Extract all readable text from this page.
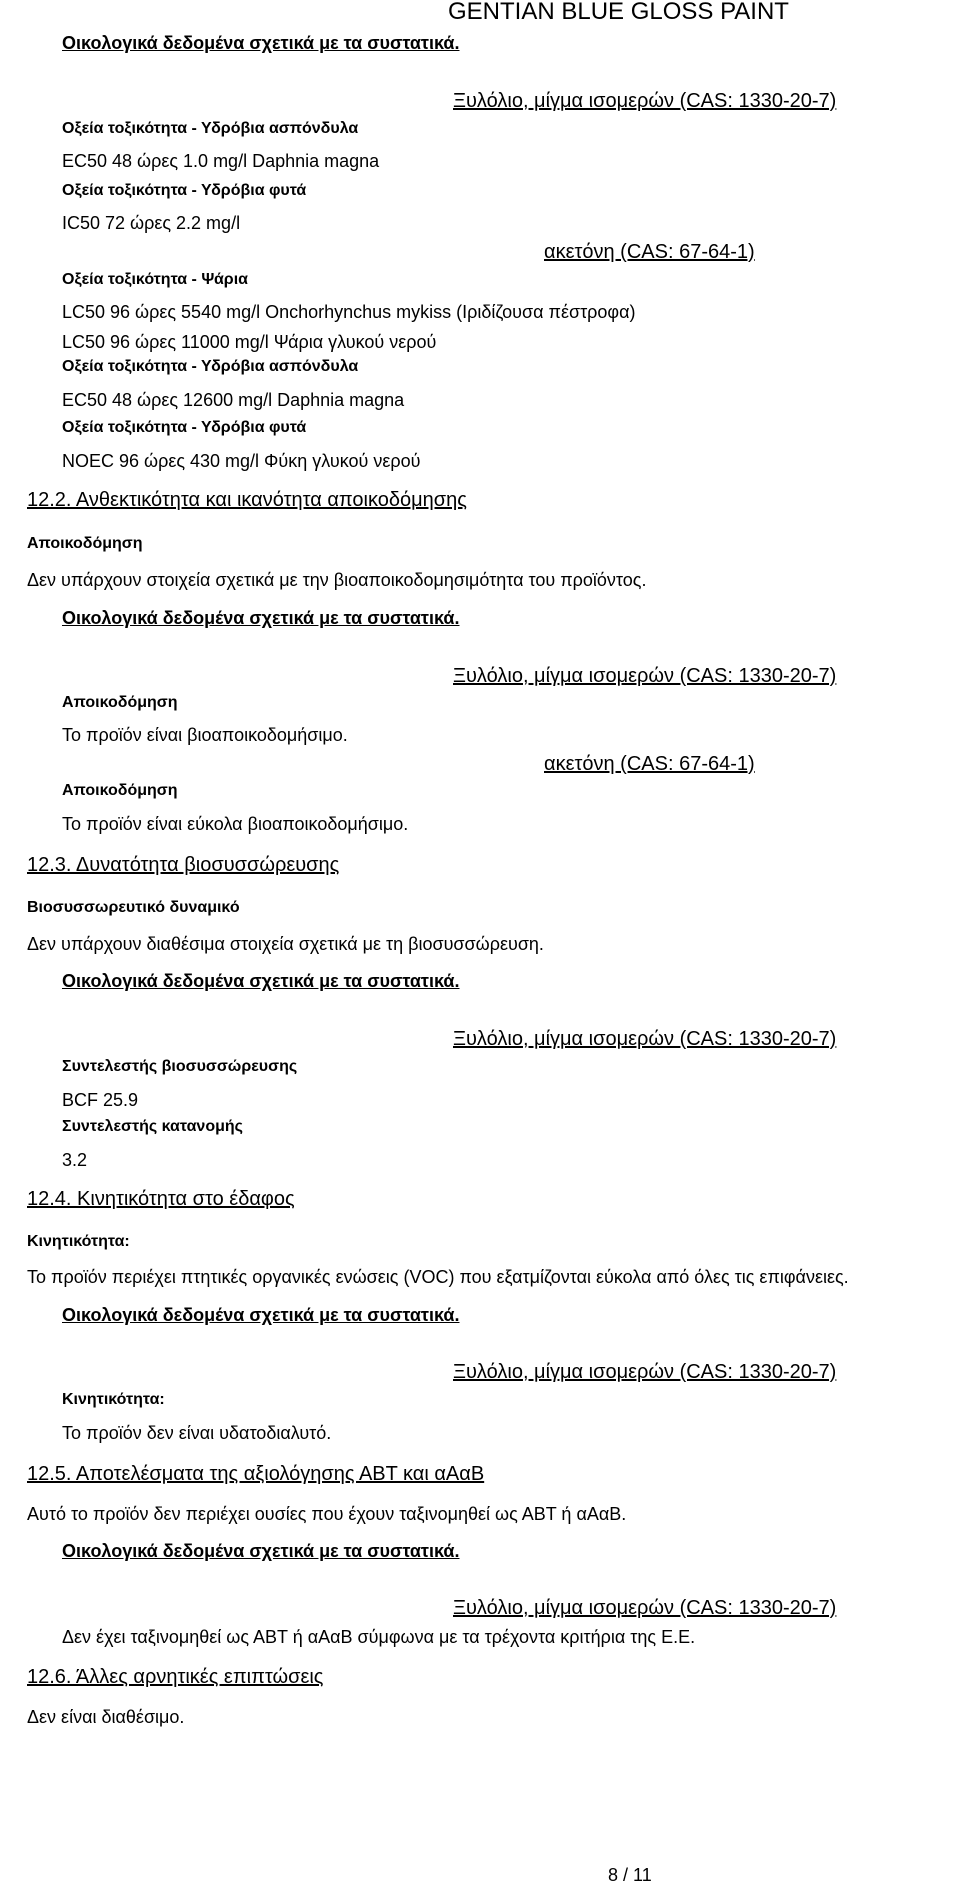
GENTIAN BLUE GLOSS PAINT
Οικολογικά δεδομένα σχετικά με τα συστατικά.
Ξυλόλιο, μίγμα ισομερών (CAS: 1330-20-7)
Οξεία τοξικότητα - Υδρόβια ασπόνδυλα
EC50 48 ώρες 1.0 mg/l Daphnia magna
Οξεία τοξικότητα - Υδρόβια φυτά
IC50 72 ώρες 2.2 mg/l
ακετόνη (CAS: 67-64-1)
Οξεία τοξικότητα - Ψάρια
LC50 96 ώρες 5540 mg/l Onchorhynchus mykiss (Ιριδίζουσα πέστροφα)
LC50 96 ώρες 11000 mg/l Ψάρια γλυκού νερού
Οξεία τοξικότητα - Υδρόβια ασπόνδυλα
EC50 48 ώρες 12600 mg/l Daphnia magna
Οξεία τοξικότητα - Υδρόβια φυτά
NOEC 96 ώρες 430 mg/l Φύκη γλυκού νερού
12.2. Ανθεκτικότητα και ικανότητα αποικοδόμησης
Αποικοδόμηση
Δεν υπάρχουν στοιχεία σχετικά με την βιοαποικοδομησιμότητα του προϊόντος.
Οικολογικά δεδομένα σχετικά με τα συστατικά.
Ξυλόλιο, μίγμα ισομερών (CAS: 1330-20-7)
Αποικοδόμηση
Το προϊόν είναι βιοαποικοδομήσιμο.
ακετόνη (CAS: 67-64-1)
Αποικοδόμηση
Το προϊόν είναι εύκολα βιοαποικοδομήσιμο.
12.3. Δυνατότητα βιοσυσσώρευσης
Βιοσυσσωρευτικό δυναμικό
Δεν υπάρχουν διαθέσιμα στοιχεία σχετικά με τη βιοσυσσώρευση.
Οικολογικά δεδομένα σχετικά με τα συστατικά.
Ξυλόλιο, μίγμα ισομερών (CAS: 1330-20-7)
Συντελεστής βιοσυσσώρευσης
BCF 25.9
Συντελεστής κατανομής
3.2
12.4. Κινητικότητα στο έδαφος
Κινητικότητα:
Το προϊόν περιέχει πτητικές οργανικές ενώσεις (VOC) που εξατμίζονται εύκολα από όλες τις επιφάνειες.
Οικολογικά δεδομένα σχετικά με τα συστατικά.
Ξυλόλιο, μίγμα ισομερών (CAS: 1330-20-7)
Κινητικότητα:
Το προϊόν δεν είναι υδατοδιαλυτό.
12.5. Αποτελέσματα της αξιολόγησης ΑΒΤ και αΑαΒ
Αυτό το προϊόν δεν περιέχει ουσίες που έχουν ταξινομηθεί ως ΑΒΤ ή αΑαΒ.
Οικολογικά δεδομένα σχετικά με τα συστατικά.
Ξυλόλιο, μίγμα ισομερών (CAS: 1330-20-7)
Δεν έχει ταξινομηθεί ως ΑΒΤ ή αΑαΒ σύμφωνα με τα τρέχοντα κριτήρια της Ε.Ε.
12.6. Άλλες αρνητικές επιπτώσεις
Δεν είναι διαθέσιμο.
8 / 11
